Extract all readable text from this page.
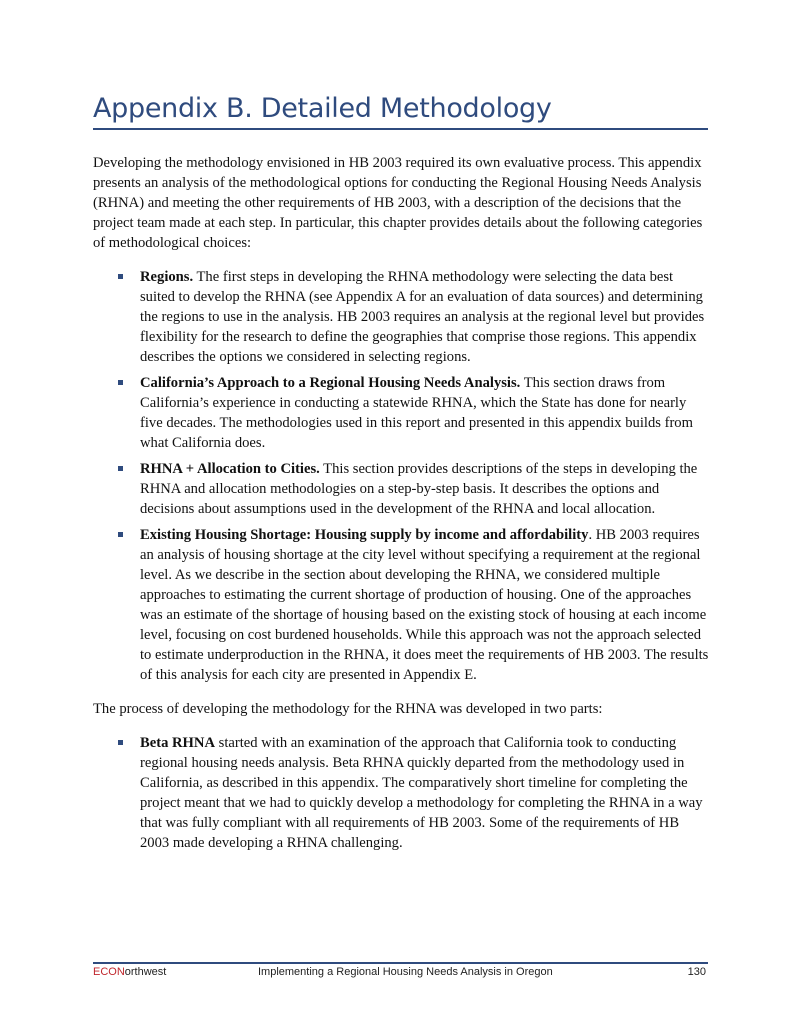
Appendix B. Detailed Methodology

Developing the methodology envisioned in HB 2003 required its own evaluative process. This appendix presents an analysis of the methodological options for conducting the Regional Housing Needs Analysis (RHNA) and meeting the other requirements of HB 2003, with a description of the decisions that the project team made at each step. In particular, this chapter provides details about the following categories of methodological choices:

Regions. The first steps in developing the RHNA methodology were selecting the data best suited to develop the RHNA (see Appendix A for an evaluation of data sources) and determining the regions to use in the analysis. HB 2003 requires an analysis at the regional level but provides flexibility for the research to define the geographies that comprise those regions. This appendix describes the options we considered in selecting regions.
California’s Approach to a Regional Housing Needs Analysis. This section draws from California’s experience in conducting a statewide RHNA, which the State has done for nearly five decades. The methodologies used in this report and presented in this appendix builds from what California does.
RHNA + Allocation to Cities. This section provides descriptions of the steps in developing the RHNA and allocation methodologies on a step-by-step basis. It describes the options and decisions about assumptions used in the development of the RHNA and local allocation.
Existing Housing Shortage: Housing supply by income and affordability. HB 2003 requires an analysis of housing shortage at the city level without specifying a requirement at the regional level. As we describe in the section about developing the RHNA, we considered multiple approaches to estimating the current shortage of production of housing. One of the approaches was an estimate of the shortage of housing based on the existing stock of housing at each income level, focusing on cost burdened households. While this approach was not the approach selected to estimate underproduction in the RHNA, it does meet the requirements of HB 2003. The results of this analysis for each city are presented in Appendix E.

The process of developing the methodology for the RHNA was developed in two parts:

Beta RHNA started with an examination of the approach that California took to conducting regional housing needs analysis. Beta RHNA quickly departed from the methodology used in California, as described in this appendix. The comparatively short timeline for completing the project meant that we had to quickly develop a methodology for completing the RHNA in a way that was fully compliant with all requirements of HB 2003. Some of the requirements of HB 2003 made developing a RHNA challenging.
ECONorthwest	Implementing a Regional Housing Needs Analysis in Oregon	130
